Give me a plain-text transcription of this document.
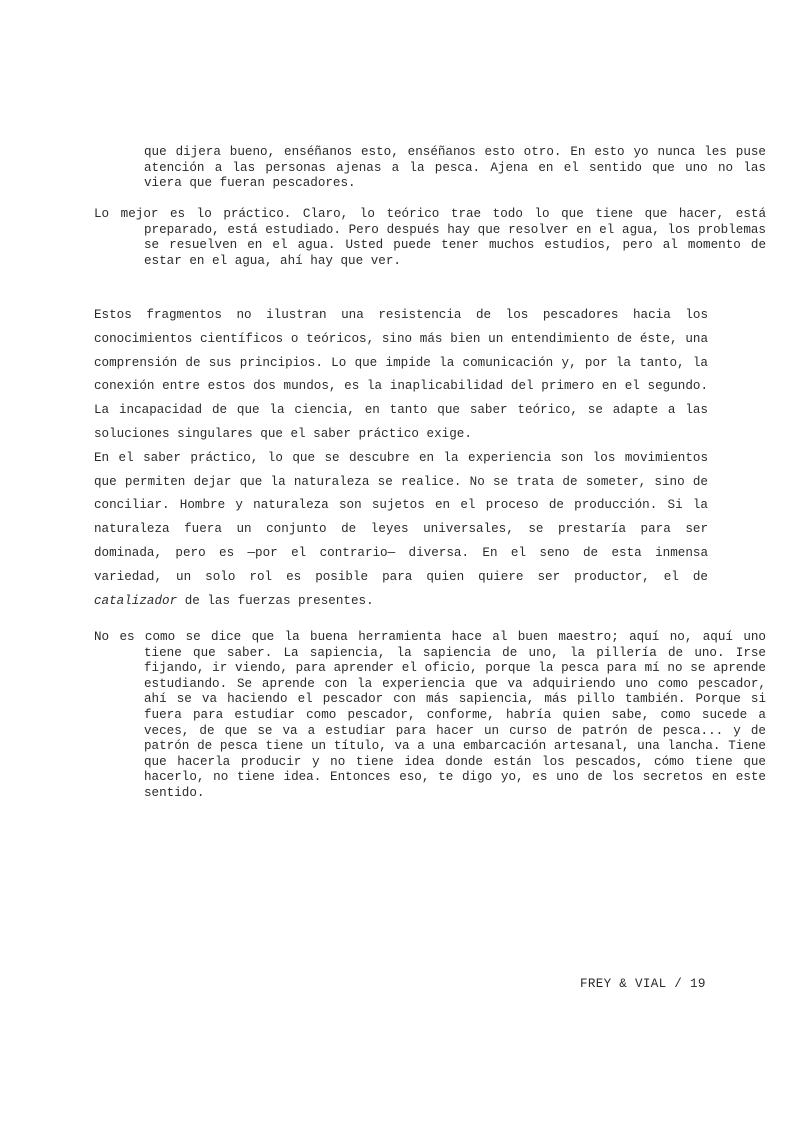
que dijera bueno, enséñanos esto, enséñanos esto otro. En esto yo nunca les puse atención a las personas ajenas a la pesca. Ajena en el sentido que uno no las viera que fueran pescadores.

Lo mejor es lo práctico. Claro, lo teórico trae todo lo que tiene que hacer, está preparado, está estudiado. Pero después hay que resolver en el agua, los problemas se resuelven en el agua. Usted puede tener muchos estudios, pero al momento de estar en el agua, ahí hay que ver.

Estos fragmentos no ilustran una resistencia de los pescadores hacia los conocimientos científicos o teóricos, sino más bien un entendimiento de éste, una comprensión de sus principios. Lo que impide la comunicación y, por la tanto, la conexión entre estos dos mundos, es la inaplicabilidad del primero en el segundo. La incapacidad de que la ciencia, en tanto que saber teórico, se adapte a las soluciones singulares que el saber práctico exige.

En el saber práctico, lo que se descubre en la experiencia son los movimientos que permiten dejar que la naturaleza se realice. No se trata de someter, sino de conciliar. Hombre y naturaleza son sujetos en el proceso de producción. Si la naturaleza fuera un conjunto de leyes universales, se prestaría para ser dominada, pero es —por el contrario— diversa. En el seno de esta inmensa variedad, un solo rol es posible para quien quiere ser productor, el de catalizador de las fuerzas presentes.

No es como se dice que la buena herramienta hace al buen maestro; aquí no, aquí uno tiene que saber. La sapiencia, la sapiencia de uno, la pillería de uno. Irse fijando, ir viendo, para aprender el oficio, porque la pesca para mí no se aprende estudiando. Se aprende con la experiencia que va adquiriendo uno como pescador, ahí se va haciendo el pescador con más sapiencia, más pillo también. Porque si fuera para estudiar como pescador, conforme, habría quien sabe, como sucede a veces, de que se va a estudiar para hacer un curso de patrón de pesca... y de patrón de pesca tiene un título, va a una embarcación artesanal, una lancha. Tiene que hacerla producir y no tiene idea donde están los pescados, cómo tiene que hacerlo, no tiene idea. Entonces eso, te digo yo, es uno de los secretos en este sentido.

FREY & VIAL / 19
